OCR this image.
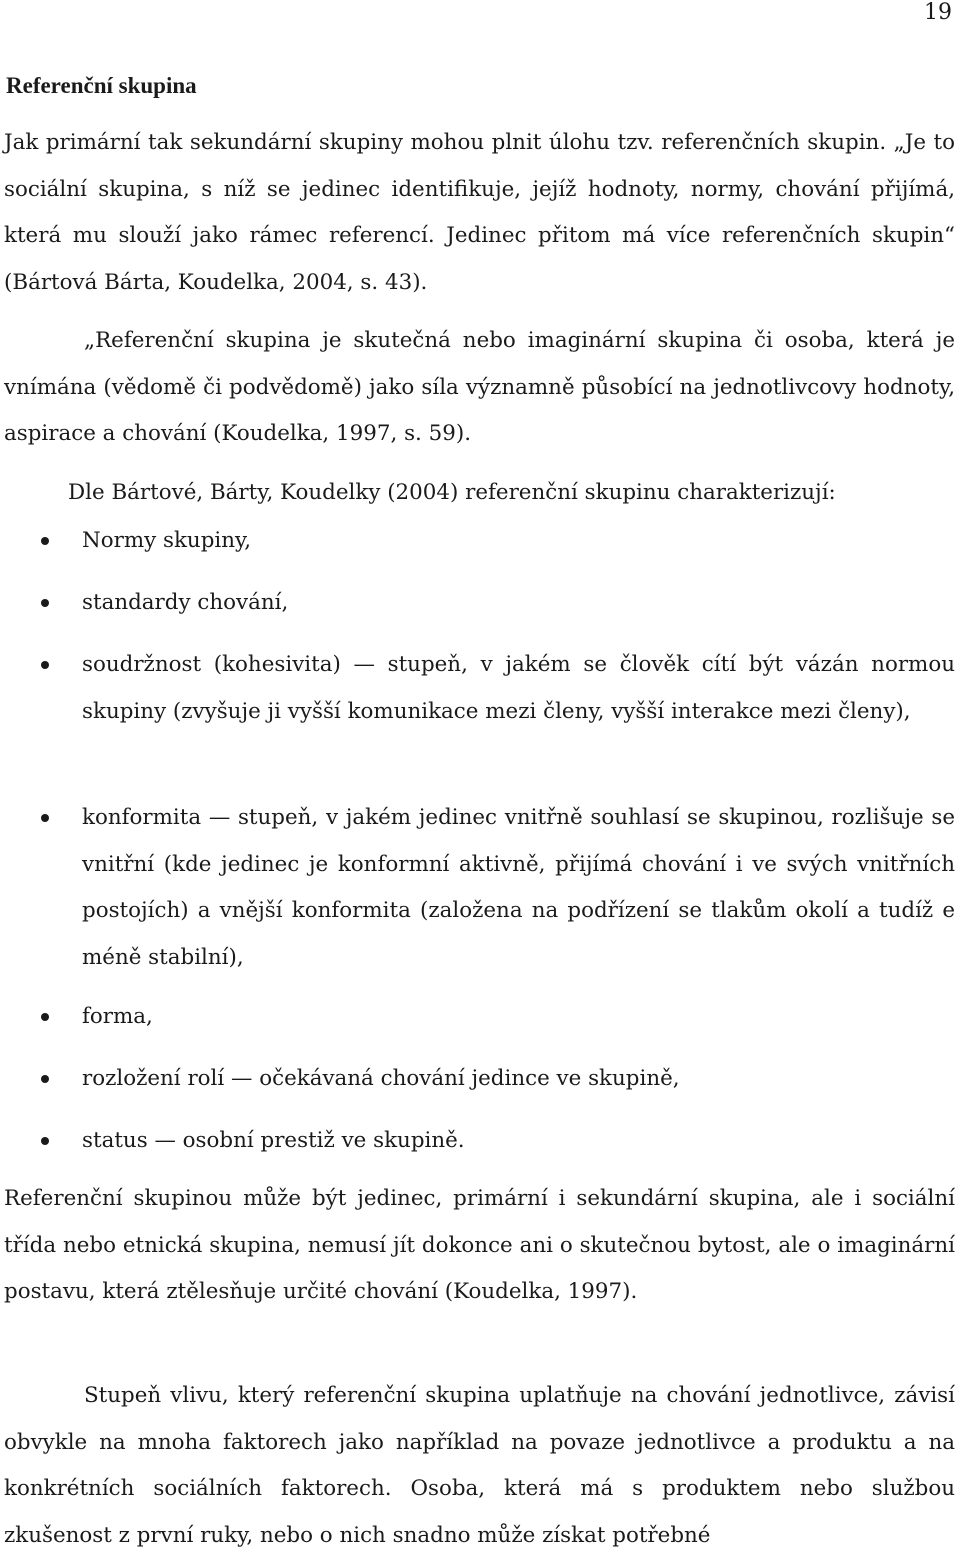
19
Referenční skupina

Jak primární tak sekundární skupiny mohou plnit úlohu tzv. referenčních skupin. „Je to sociální skupina, s níž se jedinec identifikuje, jejíž hodnoty, normy, chování přijímá, která mu slouží jako rámec referencí. Jedinec přitom má více referenčních skupin“ (Bártová Bárta, Koudelka, 2004, s. 43).

„Referenční skupina je skutečná nebo imaginární skupina či osoba, která je vnímána (vědomě či podvědomě) jako síla významně působící na jednotlivcovy hodnoty, aspirace a chování (Koudelka, 1997, s. 59).

Dle Bártové, Bárty, Koudelky (2004) referenční skupinu charakterizují:

Normy skupiny,
standardy chování,
soudržnost (kohesivita) — stupeň, v jakém se člověk cítí být vázán normou skupiny (zvyšuje ji vyšší komunikace mezi členy, vyšší interakce mezi členy),
konformita — stupeň, v jakém jedinec vnitřně souhlasí se skupinou, rozlišuje se vnitřní (kde jedinec je konformní aktivně, přijímá chování i ve svých vnitřních postojích) a vnější konformita (založena na podřízení se tlakům okolí a tudíž e méně stabilní),
forma,
rozložení rolí — očekávaná chování jedince ve skupině,
status — osobní prestiž ve skupině.

Referenční skupinou může být jedinec, primární i sekundární skupina, ale i sociální třída nebo etnická skupina, nemusí jít dokonce ani o skutečnou bytost, ale o imaginární postavu, která ztělesňuje určité chování (Koudelka, 1997).

Stupeň vlivu, který referenční skupina uplatňuje na chování jednotlivce, závisí obvykle na mnoha faktorech jako například na povaze jednotlivce a produktu a na konkrétních sociálních faktorech. Osoba, která má s produktem nebo službou zkušenost z první ruky, nebo o nich snadno může získat potřebné
